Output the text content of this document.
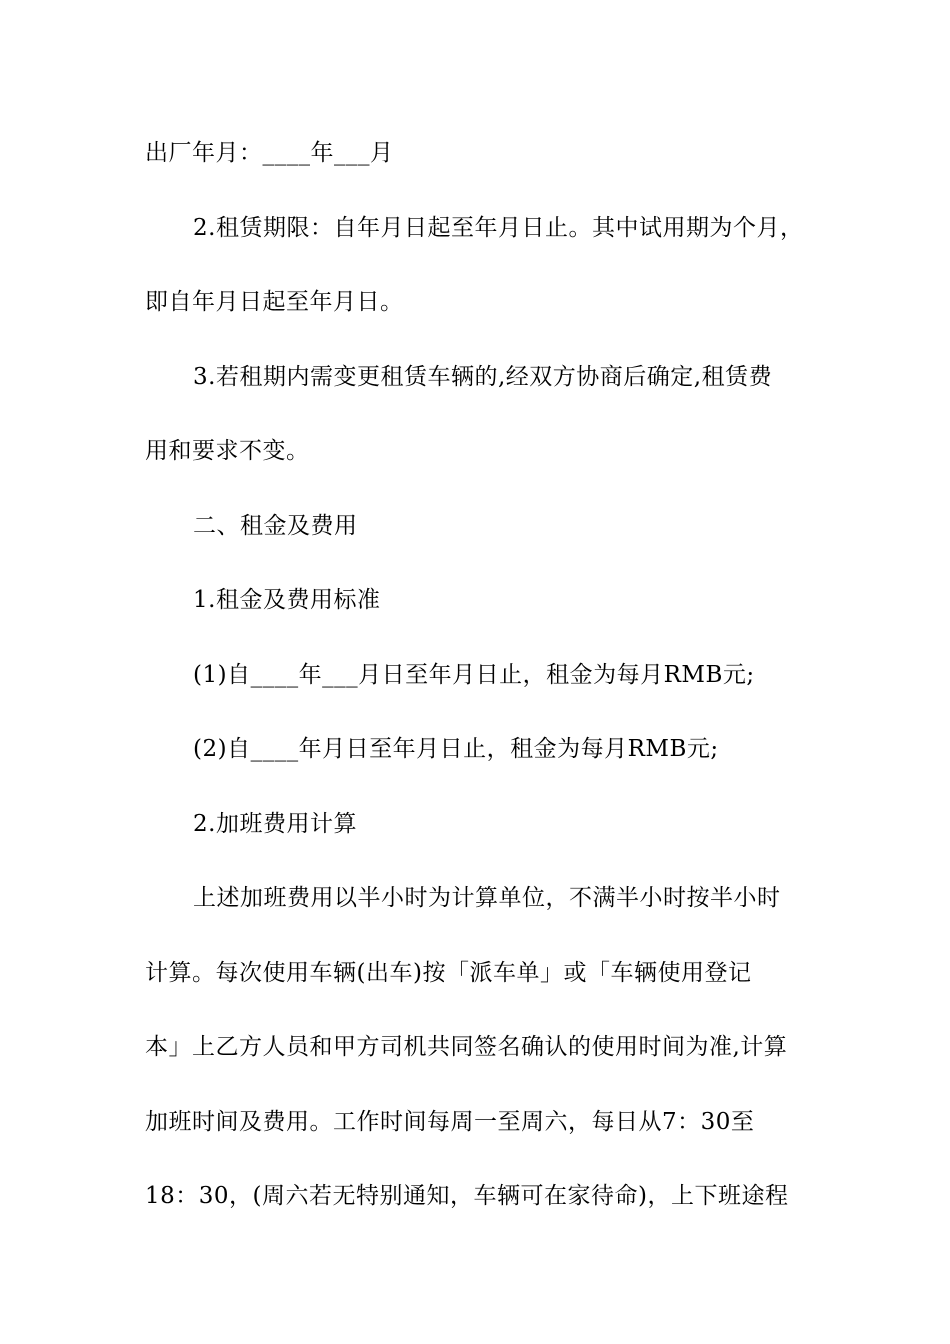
出厂年月：____年___月
2.租赁期限：自年月日起至年月日止。其中试用期为个月，
即自年月日起至年月日。
3.若租期内需变更租赁车辆的,经双方协商后确定,租赁费
用和要求不变。
二、租金及费用
1.租金及费用标准
(1)自____年___月日至年月日止，租金为每月RMB元;
(2)自____年月日至年月日止，租金为每月RMB元;
2.加班费用计算
上述加班费用以半小时为计算单位，不满半小时按半小时
计算。每次使用车辆(出车)按「派车单」或「车辆使用登记
本」上乙方人员和甲方司机共同签名确认的使用时间为准,计算
加班时间及费用。工作时间每周一至周六，每日从7：30至
18：30，(周六若无特别通知，车辆可在家待命)，上下班途程
